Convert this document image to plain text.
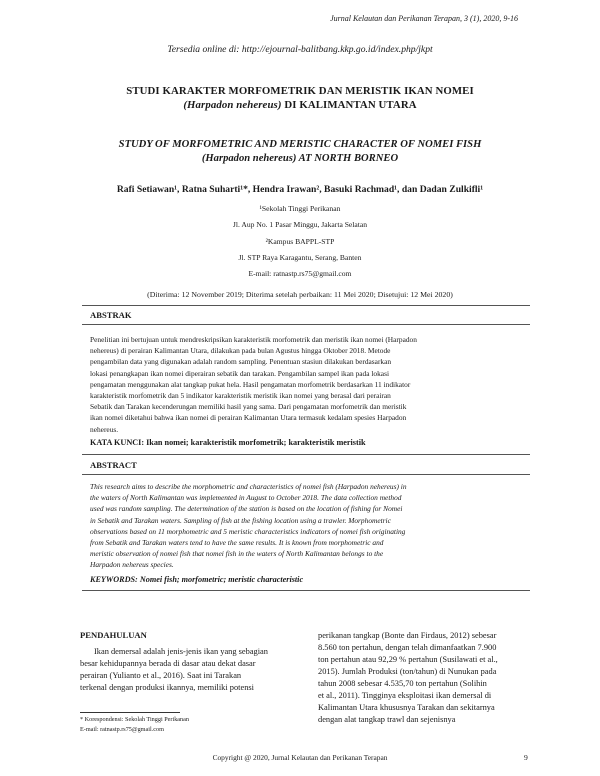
Jurnal Kelautan dan Perikanan Terapan, 3 (1), 2020, 9-16
Tersedia online di: http://ejournal-balitbang.kkp.go.id/index.php/jkpt
STUDI KARAKTER MORFOMETRIK DAN MERISTIK IKAN NOMEI
(Harpadon nehereus) DI KALIMANTAN UTARA
STUDY OF MORFOMETRIC AND MERISTIC CHARACTER OF NOMEI FISH
(Harpadon nehereus) AT NORTH BORNEO
Rafi Setiawan¹, Ratna Suharti¹*, Hendra Irawan², Basuki Rachmad¹, dan Dadan Zulkifli¹
¹Sekolah Tinggi Perikanan
Jl. Aup No. 1 Pasar Minggu, Jakarta Selatan
²Kampus BAPPL-STP
Jl. STP Raya Karagantu, Serang, Banten
E-mail: ratnastp.rs75@gmail.com
(Diterima: 12 November 2019; Diterima setelah perbaikan: 11 Mei 2020; Disetujui: 12 Mei 2020)
ABSTRAK
Penelitian ini bertujuan untuk mendreskripsikan karakteristik morfometrik dan meristik ikan nomei (Harpadon
nehereus) di perairan Kalimantan Utara, dilakukan pada bulan Agustus hingga Oktober 2018. Metode
pengambilan data yang digunakan adalah random sampling. Penentuan stasiun dilakukan berdasarkan
lokasi penangkapan ikan nomei diperairan sebatik dan tarakan. Pengambilan sampel ikan pada lokasi
pengamatan menggunakan alat tangkap pukat hela. Hasil pengamatan morfometrik berdasarkan 11 indikator
karakteristik morfometrik dan 5 indikator karakteristik meristik ikan nomei yang berasal dari perairan
Sebatik dan Tarakan kecenderungan memiliki hasil yang sama. Dari pengamatan morfometrik dan meristik
ikan nomei diketahui bahwa ikan nomei di perairan Kalimantan Utara termasuk kedalam spesies Harpadon
nehereus.
KATA KUNCI: Ikan nomei; karakteristik morfometrik; karakteristik meristik
ABSTRACT
This research aims to describe the morphometric and characteristics of nomei fish (Harpadon nehereus) in
the waters of North Kalimantan was implemented in August to October 2018. The data collection method
used was random sampling. The determination of the station is based on the location of fishing for Nomei
in Sebatik and Tarakan waters. Sampling of fish at the fishing location using a trawler. Morphometric
observations based on 11 morphometric and 5 meristic characteristics indicators of nomei fish originating
from Sebatik and Tarakan waters tend to have the same results. It is known from morphometric and
meristic observation of nomei fish that nomei fish in the waters of North Kalimantan belongs to the
Harpadon nehereus species.
KEYWORDS: Nomei fish; morfometric; meristic characteristic
PENDAHULUAN
Ikan demersal adalah jenis-jenis ikan yang sebagian
besar kehidupannya berada di dasar atau dekat dasar
perairan (Yulianto et al., 2016). Saat ini Tarakan
terkenal dengan produksi ikannya, memiliki potensi
perikanan tangkap (Bonte dan Firdaus, 2012) sebesar
8.560 ton pertahun, dengan telah dimanfaatkan 7.900
ton pertahun atau 92,29 % pertahun (Susilawati et al.,
2015). Jumlah Produksi (ton/tahun) di Nunukan pada
tahun 2008 sebesar 4.535,70 ton pertahun (Solihin
et al., 2011). Tingginya eksploitasi ikan demersal di
Kalimantan Utara khususnya Tarakan dan sekitarnya
dengan alat tangkap trawl dan sejenisnya
* Korespondensi: Sekolah Tinggi Perikanan
E-mail: ratnastp.rs75@gmail.com
Copyright @ 2020, Jurnal Kelautan dan Perikanan Terapan	9
